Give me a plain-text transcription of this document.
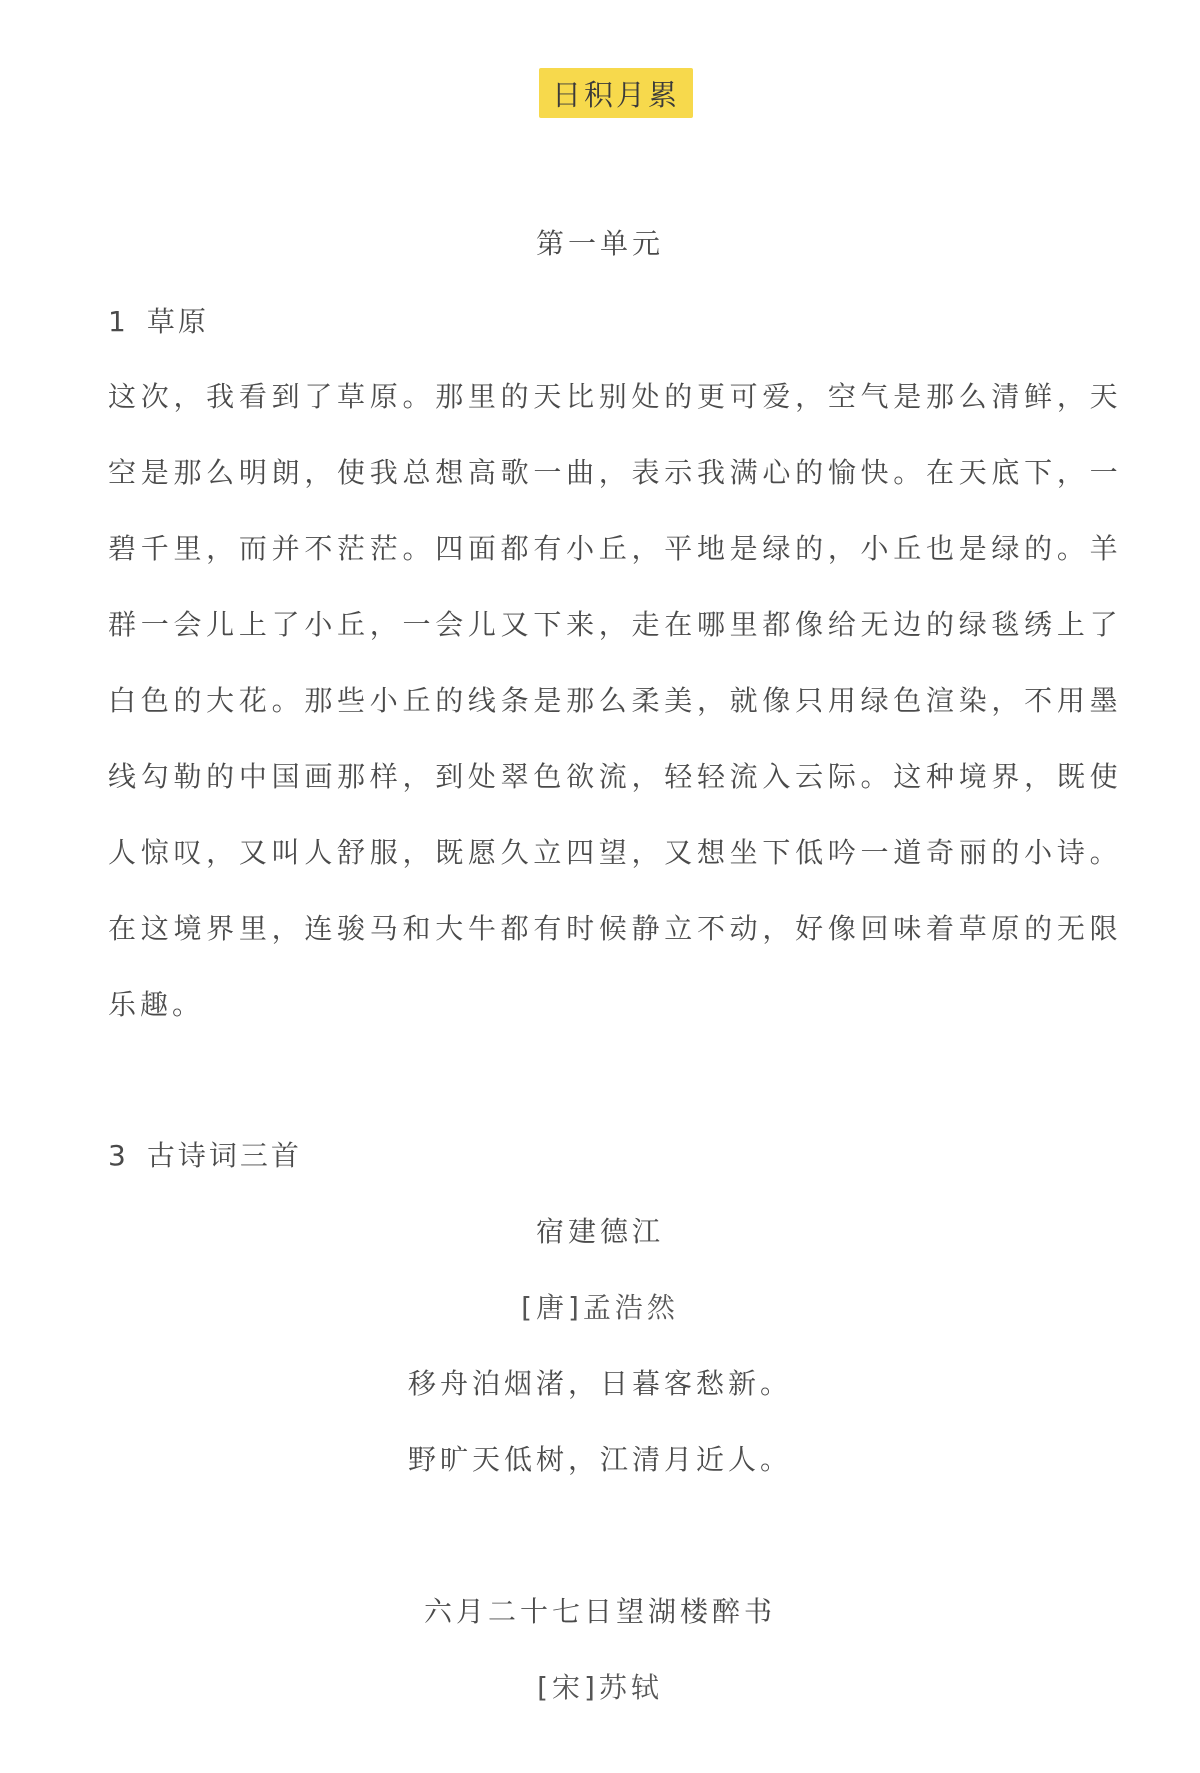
日积月累
第一单元
1 草原
这 次 ， 我 看 到 了 草 原 。 那 里 的 天 比 别 处 的 更 可 爱 ， 空 气 是 那 么 清 鲜 ， 天
空 是 那 么 明 朗 ， 使 我 总 想 高 歌 一 曲 ， 表 示 我 满 心 的 愉 快 。 在 天 底 下 ， 一
碧 千 里 ， 而 并 不 茫 茫 。 四 面 都 有 小 丘 ， 平 地 是 绿 的 ， 小 丘 也 是 绿 的 。 羊
群 一 会 儿 上 了 小 丘 ， 一 会 儿 又 下 来 ， 走 在 哪 里 都 像 给 无 边 的 绿 毯 绣 上 了
白 色 的 大 花 。 那 些 小 丘 的 线 条 是 那 么 柔 美 ， 就 像 只 用 绿 色 渲 染 ， 不 用 墨
线 勾 勒 的 中 国 画 那 样 ， 到 处 翠 色 欲 流 ， 轻 轻 流 入 云 际 。 这 种 境 界 ， 既 使
人 惊 叹 ， 又 叫 人 舒 服 ， 既 愿 久 立 四 望 ， 又 想 坐 下 低 吟 一 道 奇 丽 的 小 诗 。
在 这 境 界 里 ， 连 骏 马 和 大 牛 都 有 时 候 静 立 不 动 ， 好 像 回 味 着 草 原 的 无 限
乐趣。
3 古诗词三首
宿建德江
[唐]孟浩然
移舟泊烟渚，日暮客愁新。
野旷天低树，江清月近人。
六月二十七日望湖楼醉书
[宋]苏轼
